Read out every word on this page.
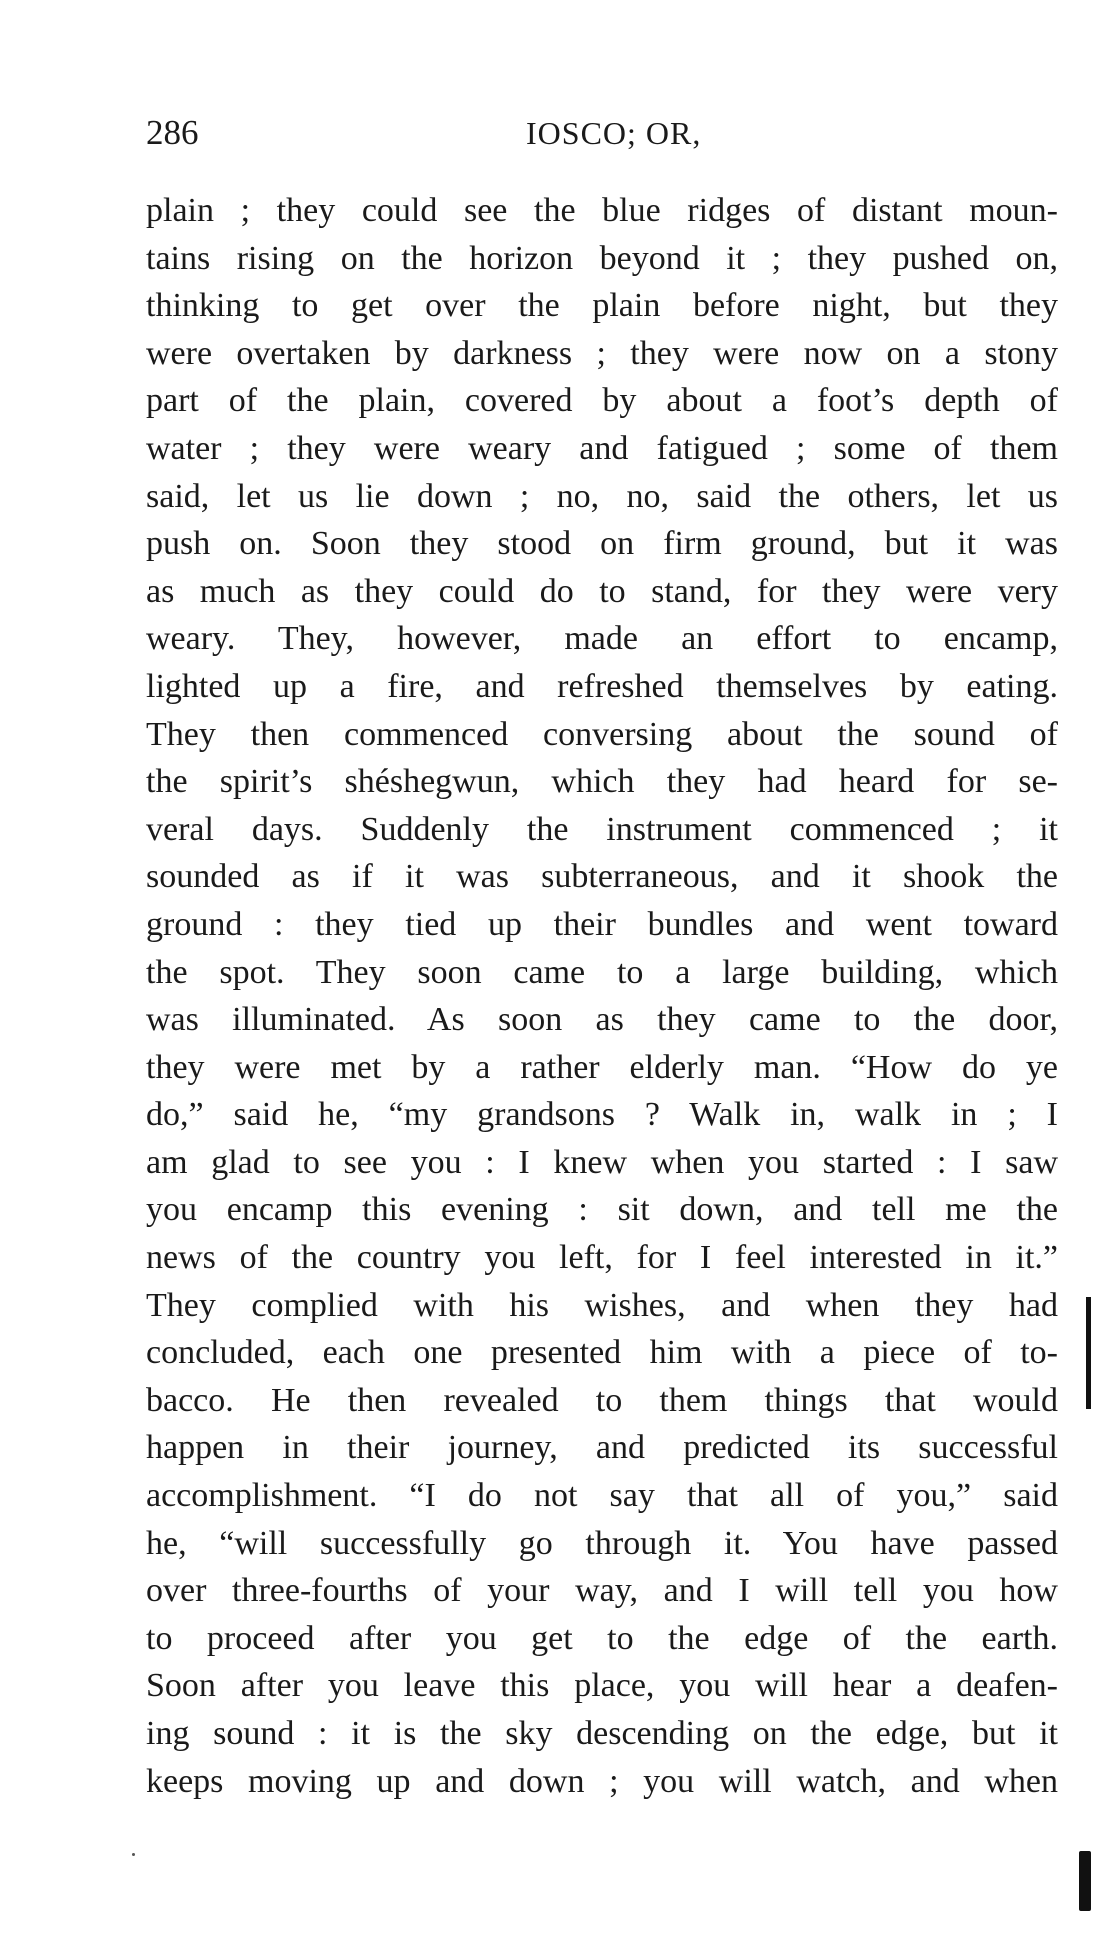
286	IOSCO; OR,
plain ; they could see the blue ridges of distant moun-
tains rising on the horizon beyond it ; they pushed on,
thinking to get over the plain before night, but they
were overtaken by darkness ; they were now on a stony
part of the plain, covered by about a foot’s depth of
water ; they were weary and fatigued ; some of them
said, let us lie down ; no, no, said the others, let us
push on. Soon they stood on firm ground, but it was
as much as they could do to stand, for they were very
weary. They, however, made an effort to encamp,
lighted up a fire, and refreshed themselves by eating.
They then commenced conversing about the sound of
the spirit’s shéshegwun, which they had heard for se-
veral days. Suddenly the instrument commenced ; it
sounded as if it was subterraneous, and it shook the
ground : they tied up their bundles and went toward
the spot. They soon came to a large building, which
was illuminated. As soon as they came to the door,
they were met by a rather elderly man. “How do ye
do,” said he, “my grandsons ? Walk in, walk in ; I
am glad to see you : I knew when you started : I saw
you encamp this evening : sit down, and tell me the
news of the country you left, for I feel interested in it.”
They complied with his wishes, and when they had
concluded, each one presented him with a piece of to-
bacco. He then revealed to them things that would
happen in their journey, and predicted its successful
accomplishment. “I do not say that all of you,” said
he, “will successfully go through it. You have passed
over three-fourths of your way, and I will tell you how
to proceed after you get to the edge of the earth.
Soon after you leave this place, you will hear a deafen-
ing sound : it is the sky descending on the edge, but it
keeps moving up and down ; you will watch, and when
